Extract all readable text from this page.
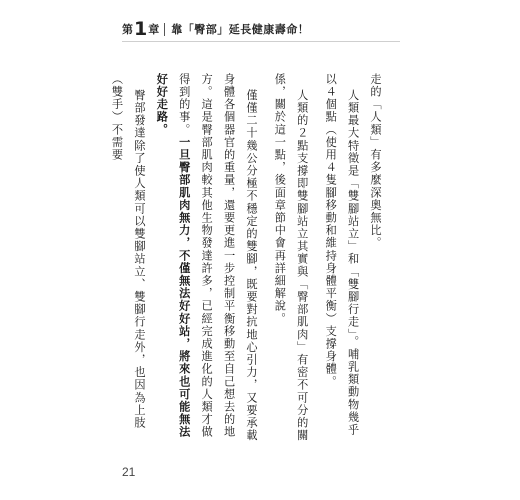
第 1 章 靠「臀部」延長健康壽命！

走的「人類」有多麼深奧無比。

人類最大特徵是「雙腳站立」和「雙腳行走」。哺乳類動物幾乎以４個點（使用４隻腳移動和維持身體平衡）支撐身體。

人類的２點支撐即雙腳站立其實與「臀部肌肉」有密不可分的關係，關於這一點，後面章節中會再詳細解說。

僅僅二十幾公分極不穩定的雙腳，既要對抗地心引力，又要承載身體各個器官的重量，還要更進一步控制平衡移動至自己想去的地方。這是臀部肌肉較其他生物發達許多，已經完成進化的人類才做得到的事。一旦臀部肌肉無力，不僅無法好好站，將來也可能無法好好走路。

臀部發達除了使人類可以雙腳站立、雙腳行走外，也因為上肢（雙手）不需要

21
